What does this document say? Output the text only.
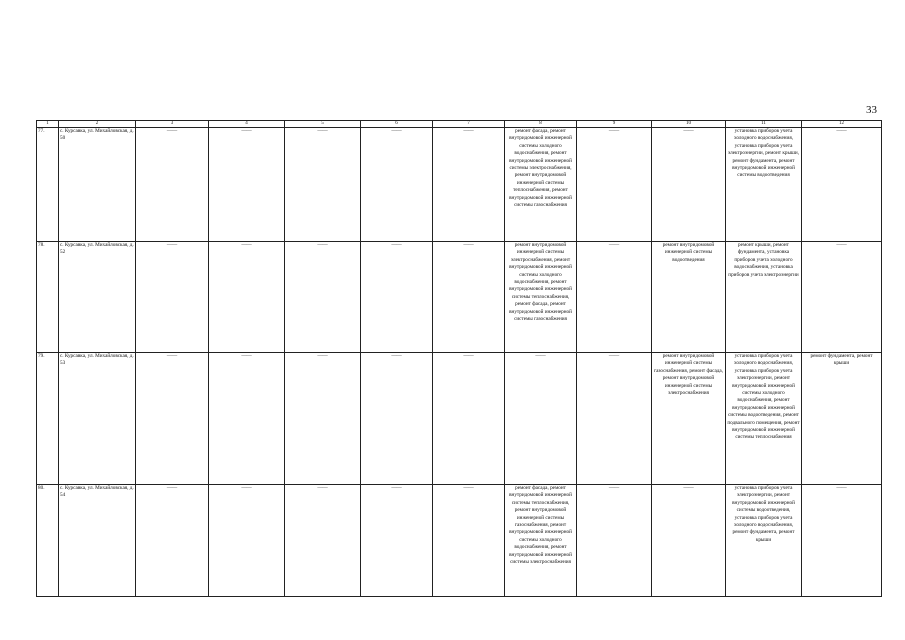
33
1	2	3	4	5	6	7	8	9	10	11	12
77.	с. Курсавка, ул. Михайловская, д. 50	——	——	——	——	——	ремонт фасада, ремонт внутридомовой инженерной системы холодного водоснабжения, ремонт внутридомовой инженерной системы электроснабжения, ремонт внутридомовой инженерной системы теплоснабжения, ремонт внутридомовой инженерной системы газоснабжения	——	——	установка приборов учета холодного водоснабжения, установка приборов учета электроэнергии, ремонт крыши, ремонт фундамента, ремонт внутридомовой инженерной системы водоотведения	——
78.	с. Курсавка, ул. Михайловская, д. 52	——	——	——	——	——	ремонт внутридомовой инженерной системы электроснабжения, ремонт внутридомовой инженерной системы холодного водоснабжения, ремонт внутридомовой инженерной системы теплоснабжения, ремонт фасада, ремонт внутридомовой инженерной системы газоснабжения	——	ремонт внутридомовой инженерной системы водоотведения	ремонт крыши, ремонт фундамента, установка приборов учета холодного водоснабжения, установка приборов учета электроэнергии	——
79.	с. Курсавка, ул. Михайловская, д. 53	——	——	——	——	——	——	——	ремонт внутридомовой инженерной системы газоснабжения, ремонт фасада, ремонт внутридомовой инженерной системы электроснабжения	установка приборов учета холодного водоснабжения, установка приборов учета электроэнергии, ремонт внутридомовой инженерной системы холодного водоснабжения, ремонт внутридомовой инженерной системы водоотведения, ремонт подвального помещения, ремонт внутридомовой инженерной системы теплоснабжения	ремонт фундамента, ремонт крыши
80.	с. Курсавка, ул. Михайловская, д. 54	——	——	——	——	——	ремонт фасада, ремонт внутридомовой инженерной системы теплоснабжения, ремонт внутридомовой инженерной системы газоснабжения, ремонт внутридомовой инженерной системы холодного водоснабжения, ремонт внутридомовой инженерной системы электроснабжения	——	——	установка приборов учета электроэнергии, ремонт внутридомовой инженерной системы водоотведения, установка приборов учета холодного водоснабжения, ремонт фундамента, ремонт крыши	——
